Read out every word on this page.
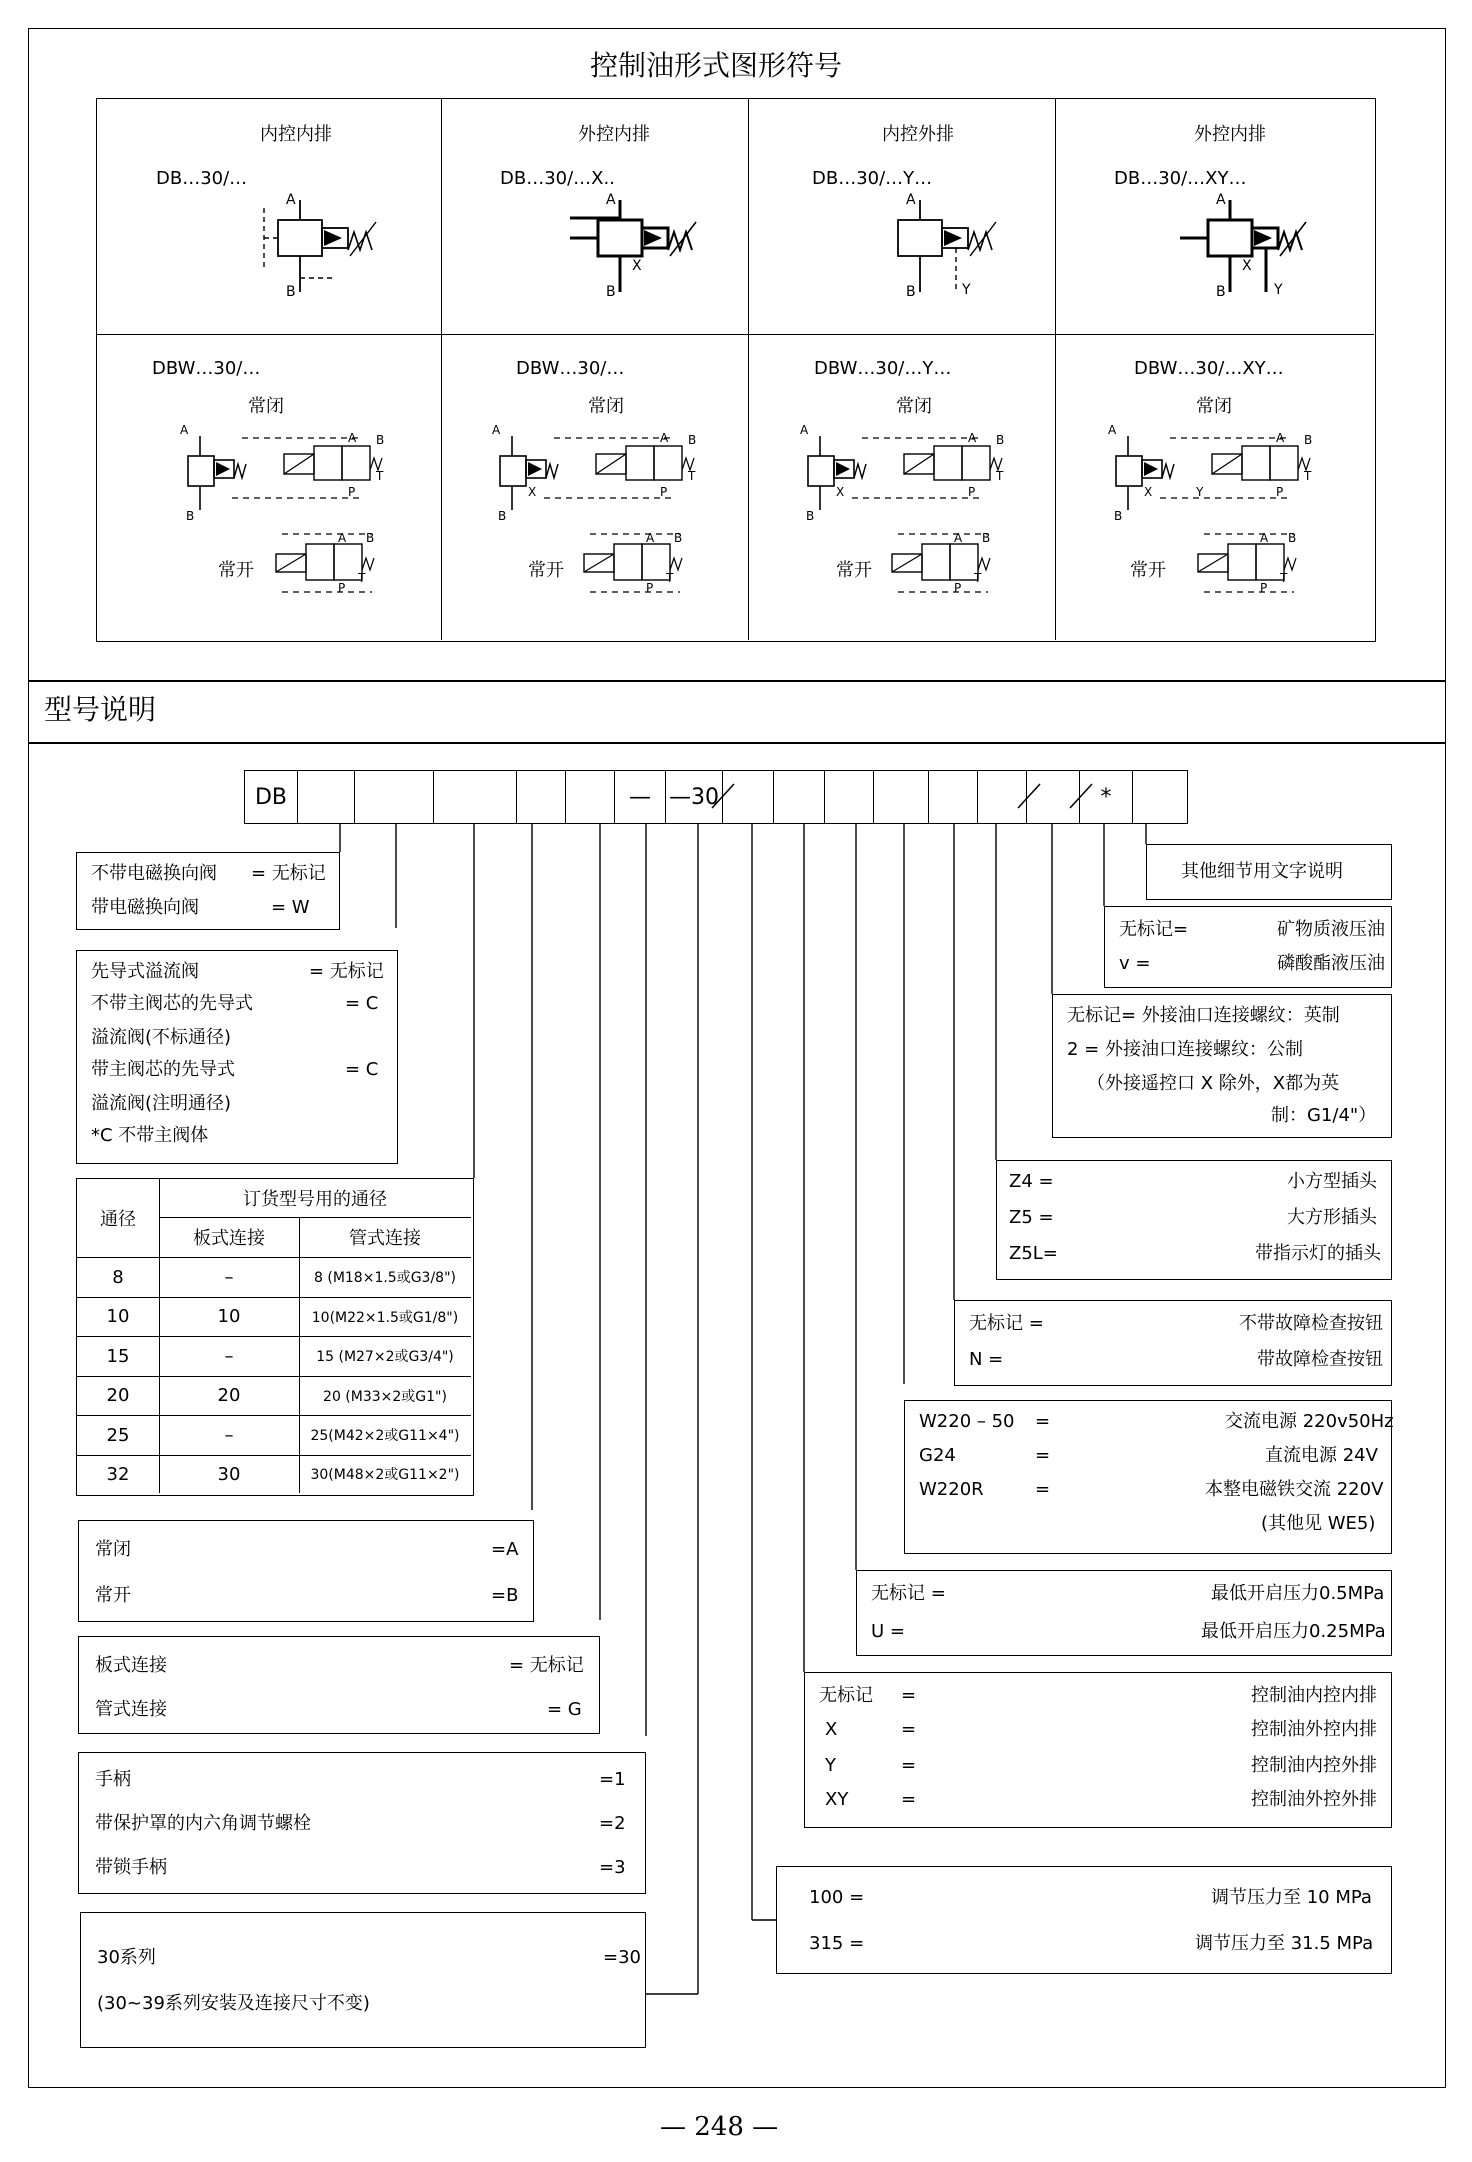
控制油形式图形符号
内控内排	外控内排	内控外排	外控内排
DB…30/…	DB…30/…X..	DB…30/…Y…	DB…30/…XY…
A
B
A
B
X
A
B	Y
A
B
X
Y
DBW…30/…	DBW…30/…	DBW…30/…Y…	DBW…30/…XY…
常闭	常闭	常闭	常闭
常开	常开	常开	常开
A
B
A B
P
T
A
B
X
A B
P
T
A
B
X
A B
P
T
A
B
X	Y
A B
P
T
A B
P
T
A B
P
T
A B
P
T
A B
P
T
型号说明
DB	— —30	*
不带电磁换向阀 = 无标记
带电磁换向阀	= W
先导式溢流阀	= 无标记
不带主阀芯的先导式	= C
溢流阀(不标通径)
带主阀芯的先导式	= C
溢流阀(注明通径)
*C 不带主阀体
通径
订货型号用的通径
板式连接	管式连接
8	–	8 (M18×1.5或G3/8")
10	10	10(M22×1.5或G1/8")
15	–	15 (M27×2或G3/4")
20	20	20 (M33×2或G1")
25	–	25(M42×2或G11×4")
32	30	30(M48×2或G11×2")
常闭	=A
常开	=B
板式连接	= 无标记
管式连接	= G
手柄	=1
带保护罩的内六角调节螺栓	=2
带锁手柄	=3
30系列	=30
(30~39系列安装及连接尺寸不变)
其他细节用文字说明
无标记=	矿物质液压油
v =	磷酸酯液压油
无标记= 外接油口连接螺纹：英制
2 = 外接油口连接螺纹：公制
（外接遥控口 X 除外，X都为英
制：G1/4"）
Z4 =	小方型插头
Z5 =	大方形插头
Z5L=	带指示灯的插头
无标记 =	不带故障检查按钮
N =	带故障检查按钮
W220 – 50 =	交流电源 220v50Hz
G24	=	直流电源 24V
W220R	=	本整电磁铁交流 220V
(其他见 WE5)
无标记 =	最低开启压力0.5MPa
U =	最低开启压力0.25MPa
无标记 =	控制油内控内排
X	=	控制油外控内排
Y	=	控制油内控外排
XY	=	控制油外控外排
100 =	调节压力至 10 MPa
315 =	调节压力至 31.5 MPa
— 248 —
